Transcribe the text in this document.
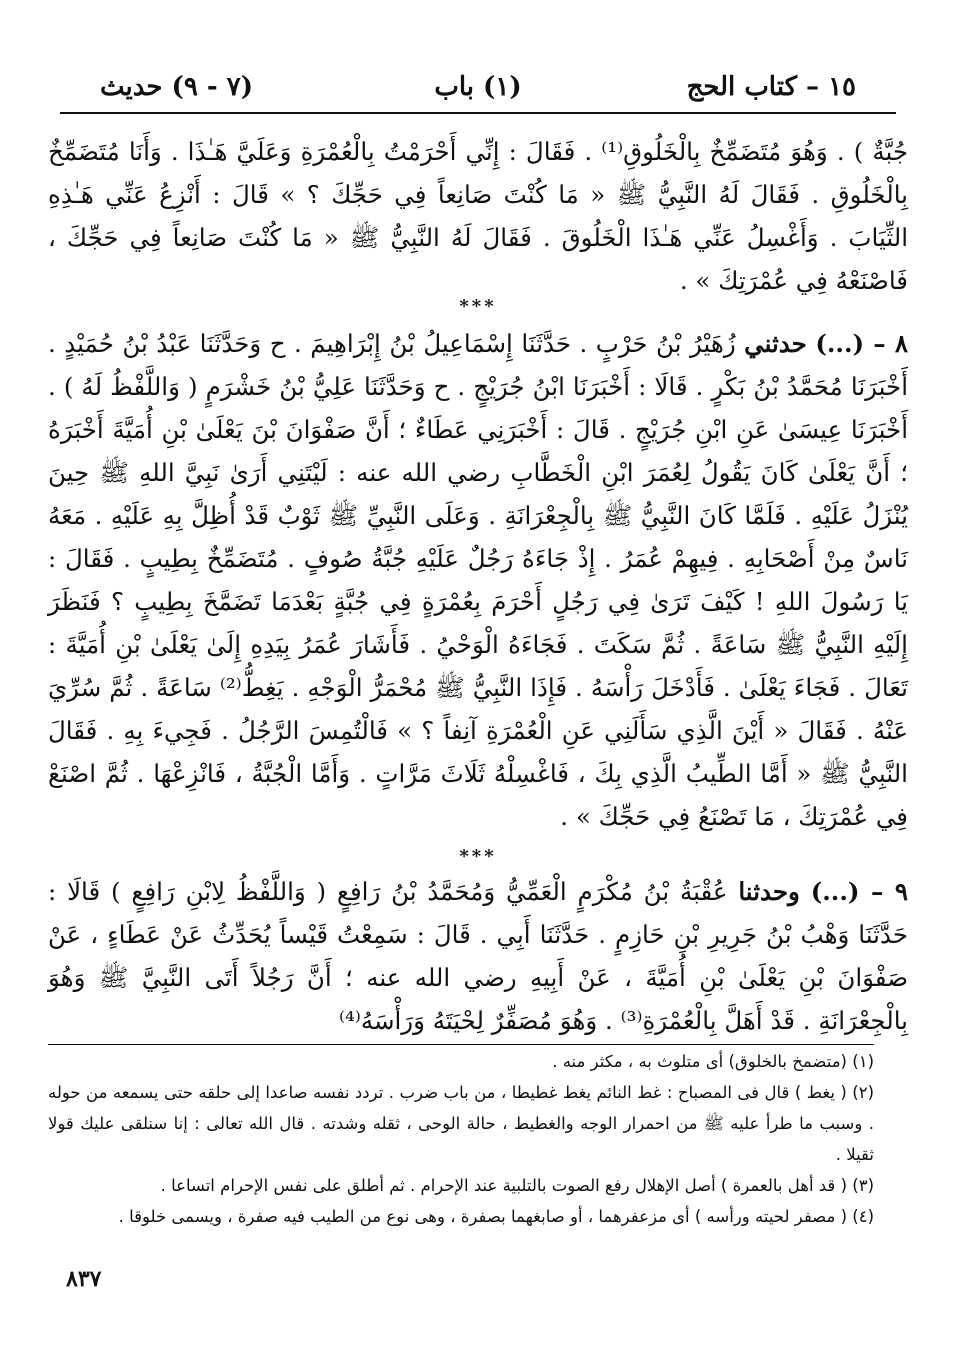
١٥ – كتاب الحج
(١) باب
(٧ - ٩) حديث
جُبَّةٌ ) . وَهُوَ مُتَضَمِّخٌ بِالْخَلُوقِ⁽¹⁾ . فَقَالَ : إِنِّي أَحْرَمْتُ بِالْعُمْرَةِ وَعَلَيَّ هَـٰذَا . وَأَنَا مُتَضَمِّخٌ بِالْخَلُوقِ . فَقَالَ لَهُ النَّبِيُّ ﷺ « مَا كُنْتَ صَانِعاً فِي حَجِّكَ ؟ » قَالَ : أَنْزِعُ عَنِّي هَـٰذِهِ الثِّيَابَ . وَأَغْسِلُ عَنِّي هَـٰذَا الْخَلُوقَ . فَقَالَ لَهُ النَّبِيُّ ﷺ « مَا كُنْتَ صَانِعاً فِي حَجِّكَ ، فَاصْنَعْهُ فِي عُمْرَتِكَ » .
***
٨ – (...) حدثني زُهَيْرُ بْنُ حَرْبٍ . حَدَّثَنَا إِسْمَاعِيلُ بْنُ إِبْرَاهِيمَ . ح وَحَدَّثَنَا عَبْدُ بْنُ حُمَيْدٍ . أَخْبَرَنَا مُحَمَّدُ بْنُ بَكْرٍ . قَالَا : أَخْبَرَنَا ابْنُ جُرَيْجٍ . ح وَحَدَّثَنَا عَلِيُّ بْنُ خَشْرَمٍ ( وَاللَّفْظُ لَهُ ) . أَخْبَرَنَا عِيسَىٰ عَنِ ابْنِ جُرَيْجٍ . قَالَ : أَخْبَرَنِي عَطَاءٌ ؛ أَنَّ صَفْوَانَ بْنَ يَعْلَىٰ بْنِ أُمَيَّةَ أَخْبَرَهُ ؛ أَنَّ يَعْلَىٰ كَانَ يَقُولُ لِعُمَرَ ابْنِ الْخَطَّابِ رضي الله عنه : لَيْتَنِي أَرَىٰ نَبِيَّ اللهِ ﷺ حِينَ يُنْزَلُ عَلَيْهِ . فَلَمَّا كَانَ النَّبِيُّ ﷺ بِالْجِعْرَانَةِ . وَعَلَى النَّبِيِّ ﷺ ثَوْبٌ قَدْ أُظِلَّ بِهِ عَلَيْهِ . مَعَهُ نَاسٌ مِنْ أَصْحَابِهِ . فِيهِمْ عُمَرُ . إِذْ جَاءَهُ رَجُلٌ عَلَيْهِ جُبَّةُ صُوفٍ . مُتَضَمِّخٌ بِطِيبٍ . فَقَالَ : يَا رَسُولَ اللهِ ! كَيْفَ تَرَىٰ فِي رَجُلٍ أَحْرَمَ بِعُمْرَةٍ فِي جُبَّةٍ بَعْدَمَا تَضَمَّخَ بِطِيبٍ ؟ فَنَظَرَ إِلَيْهِ النَّبِيُّ ﷺ سَاعَةً . ثُمَّ سَكَتَ . فَجَاءَهُ الْوَحْيُ . فَأَشَارَ عُمَرُ بِيَدِهِ إِلَىٰ يَعْلَىٰ بْنِ أُمَيَّةَ : تَعَالَ . فَجَاءَ يَعْلَىٰ . فَأَدْخَلَ رَأْسَهُ . فَإِذَا النَّبِيُّ ﷺ مُحْمَرُّ الْوَجْهِ . يَغِطُّ⁽²⁾ سَاعَةً . ثُمَّ سُرِّيَ عَنْهُ . فَقَالَ « أَيْنَ الَّذِي سَأَلَنِي عَنِ الْعُمْرَةِ آنِفاً ؟ » فَالْتُمِسَ الرَّجُلُ . فَجِيءَ بِهِ . فَقَالَ النَّبِيُّ ﷺ « أَمَّا الطِّيبُ الَّذِي بِكَ ، فَاغْسِلْهُ ثَلَاثَ مَرَّاتٍ . وَأَمَّا الْجُبَّةُ ، فَانْزِعْهَا . ثُمَّ اصْنَعْ فِي عُمْرَتِكَ ، مَا تَصْنَعُ فِي حَجِّكَ » .
***
٩ – (...) وحدثنا عُقْبَةُ بْنُ مُكْرَمٍ الْعَمِّيُّ وَمُحَمَّدُ بْنُ رَافِعٍ ( وَاللَّفْظُ لِابْنِ رَافِعٍ ) قَالَا : حَدَّثَنَا وَهْبُ بْنُ جَرِيرِ بْنِ حَازِمٍ . حَدَّثَنَا أَبِي . قَالَ : سَمِعْتُ قَيْساً يُحَدِّثُ عَنْ عَطَاءٍ ، عَنْ صَفْوَانَ بْنِ يَعْلَىٰ بْنِ أُمَيَّةَ ، عَنْ أَبِيهِ رضي الله عنه ؛ أَنَّ رَجُلاً أَتَى النَّبِيَّ ﷺ وَهُوَ بِالْجِعْرَانَةِ . قَدْ أَهَلَّ بِالْعُمْرَةِ⁽³⁾ . وَهُوَ مُصَفِّرٌ لِحْيَتَهُ وَرَأْسَهُ⁽⁴⁾

(١) (متضمخ بالخلوق) أى متلوث به ، مكثر منه .

(٢) ( يغط ) قال فى المصباح : غط النائم يغط غطيطا ، من باب ضرب . تردد نفسه صاعدا إلى حلقه حتى يسمعه من حوله . وسبب ما طرأ عليه ﷺ من احمرار الوجه والغطيط ، حالة الوحى ، ثقله وشدته . قال الله تعالى : إنا سنلقى عليك قولا ثقيلا .

(٣) ( قد أهل بالعمرة ) أصل الإهلال رفع الصوت بالتلبية عند الإحرام . ثم أطلق على نفس الإحرام اتساعا .

(٤) ( مصفر لحيته ورأسه ) أى مزعفرهما ، أو صابغهما بصفرة ، وهى نوع من الطيب فيه صفرة ، ويسمى خلوقا .

٨٣٧
